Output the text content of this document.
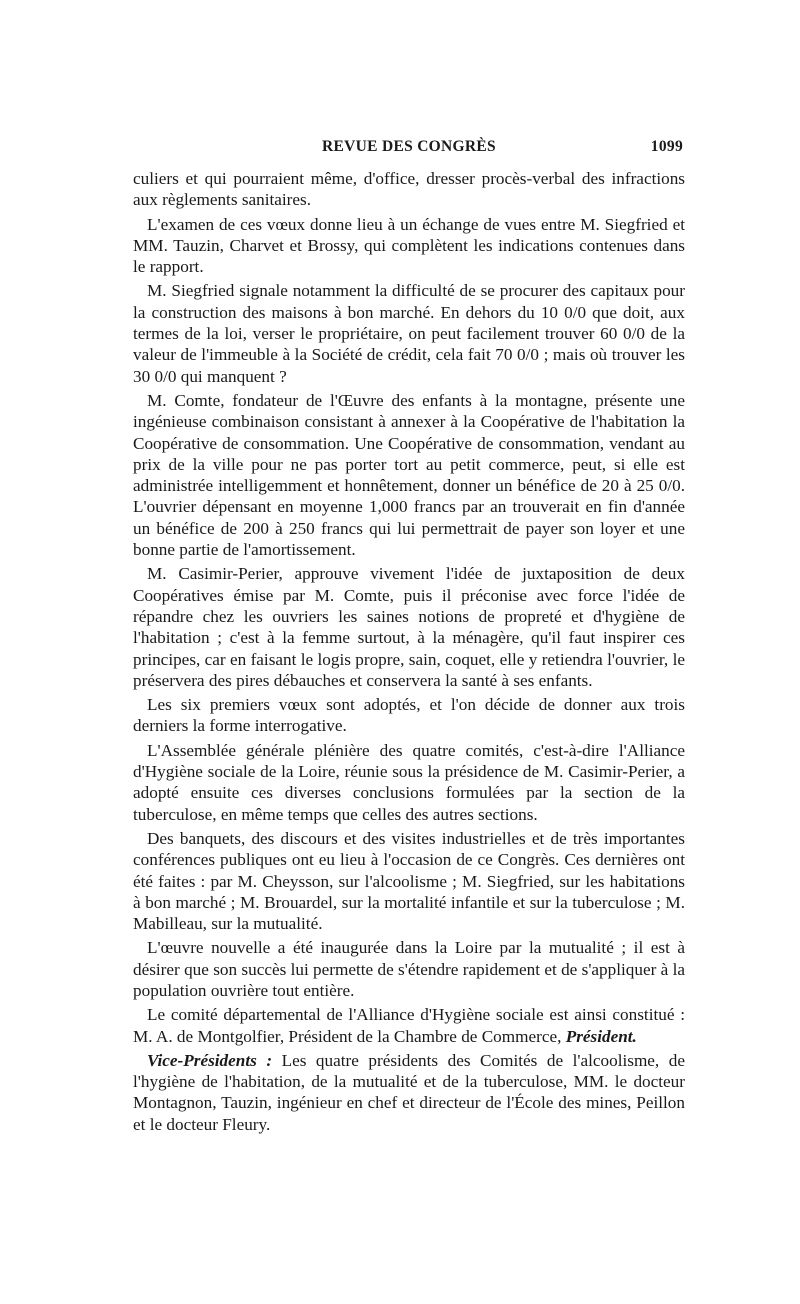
REVUE DES CONGRÈS	1099

culiers et qui pourraient même, d'office, dresser procès-verbal des infractions aux règlements sanitaires.

L'examen de ces vœux donne lieu à un échange de vues entre M. Siegfried et MM. Tauzin, Charvet et Brossy, qui complètent les indications contenues dans le rapport.

M. Siegfried signale notamment la difficulté de se procurer des capitaux pour la construction des maisons à bon marché. En dehors du 10 0/0 que doit, aux termes de la loi, verser le propriétaire, on peut facilement trouver 60 0/0 de la valeur de l'immeuble à la Société de crédit, cela fait 70 0/0 ; mais où trouver les 30 0/0 qui manquent ?

M. Comte, fondateur de l'Œuvre des enfants à la montagne, présente une ingénieuse combinaison consistant à annexer à la Coopérative de l'habitation la Coopérative de consommation. Une Coopérative de consommation, vendant au prix de la ville pour ne pas porter tort au petit commerce, peut, si elle est administrée intelligemment et honnêtement, donner un bénéfice de 20 à 25 0/0. L'ouvrier dépensant en moyenne 1,000 francs par an trouverait en fin d'année un bénéfice de 200 à 250 francs qui lui permettrait de payer son loyer et une bonne partie de l'amortissement.

M. Casimir-Perier, approuve vivement l'idée de juxtaposition de deux Coopératives émise par M. Comte, puis il préconise avec force l'idée de répandre chez les ouvriers les saines notions de propreté et d'hygiène de l'habitation ; c'est à la femme surtout, à la ménagère, qu'il faut inspirer ces principes, car en faisant le logis propre, sain, coquet, elle y retiendra l'ouvrier, le préservera des pires débauches et conservera la santé à ses enfants.

Les six premiers vœux sont adoptés, et l'on décide de donner aux trois derniers la forme interrogative.

L'Assemblée générale plénière des quatre comités, c'est-à-dire l'Alliance d'Hygiène sociale de la Loire, réunie sous la présidence de M. Casimir-Perier, a adopté ensuite ces diverses conclusions formulées par la section de la tuberculose, en même temps que celles des autres sections.

Des banquets, des discours et des visites industrielles et de très importantes conférences publiques ont eu lieu à l'occasion de ce Congrès. Ces dernières ont été faites : par M. Cheysson, sur l'alcoolisme ; M. Siegfried, sur les habitations à bon marché ; M. Brouardel, sur la mortalité infantile et sur la tuberculose ; M. Mabilleau, sur la mutualité.

L'œuvre nouvelle a été inaugurée dans la Loire par la mutualité ; il est à désirer que son succès lui permette de s'étendre rapidement et de s'appliquer à la population ouvrière tout entière.

Le comité départemental de l'Alliance d'Hygiène sociale est ainsi constitué : M. A. de Montgolfier, Président de la Chambre de Commerce, Président.

Vice-Présidents : Les quatre présidents des Comités de l'alcoolisme, de l'hygiène de l'habitation, de la mutualité et de la tuberculose, MM. le docteur Montagnon, Tauzin, ingénieur en chef et directeur de l'École des mines, Peillon et le docteur Fleury.
